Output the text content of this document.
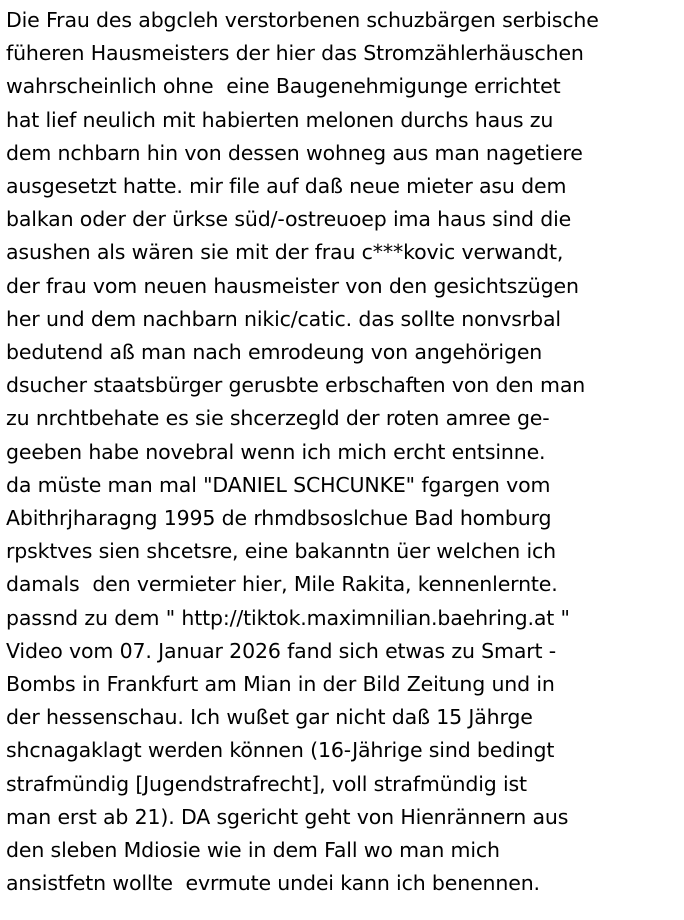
Die Frau des abgcleh verstorbenen schuzbärgen serbische
füheren Hausmeisters der hier das Stromzählerhäuschen
wahrscheinlich ohne  eine Baugenehmigunge errichtet
hat lief neulich mit habierten melonen durchs haus zu
dem nchbarn hin von dessen wohneg aus man nagetiere
ausgesetzt hatte. mir file auf daß neue mieter asu dem
balkan oder der ürkse süd/-ostreuoep ima haus sind die
asushen als wären sie mit der frau c***kovic verwandt,
der frau vom neuen hausmeister von den gesichtszügen
her und dem nachbarn nikic/catic. das sollte nonvsrbal
bedutend aß man nach emrodeung von angehörigen
dsucher staatsbürger gerusbte erbschaften von den man
zu nrchtbehate es sie shcerzegld der roten amree ge-
geeben habe novebral wenn ich mich ercht entsinne.
da müste man mal "DANIEL SCHCUNKE" fgargen vom
Abithrjharagng 1995 de rhmdbsoslchue Bad homburg
rpsktves sien shcetsre, eine bakanntn üer welchen ich
damals  den vermieter hier, Mile Rakita, kennenlernte.
passnd zu dem " http://tiktok.maximnilian.baehring.at "
Video vom 07. Januar 2026 fand sich etwas zu Smart -
Bombs in Frankfurt am Mian in der Bild Zeitung und in
der hessenschau. Ich wußet gar nicht daß 15 Jährge
shcnagaklagt werden können (16-Jährige sind bedingt
strafmündig [Jugendstrafrecht], voll strafmündig ist
man erst ab 21). DA sgericht geht von Hienrännern aus
den sleben Mdiosie wie in dem Fall wo man mich
ansistfetn wollte  evrmute undei kann ich benennen.
